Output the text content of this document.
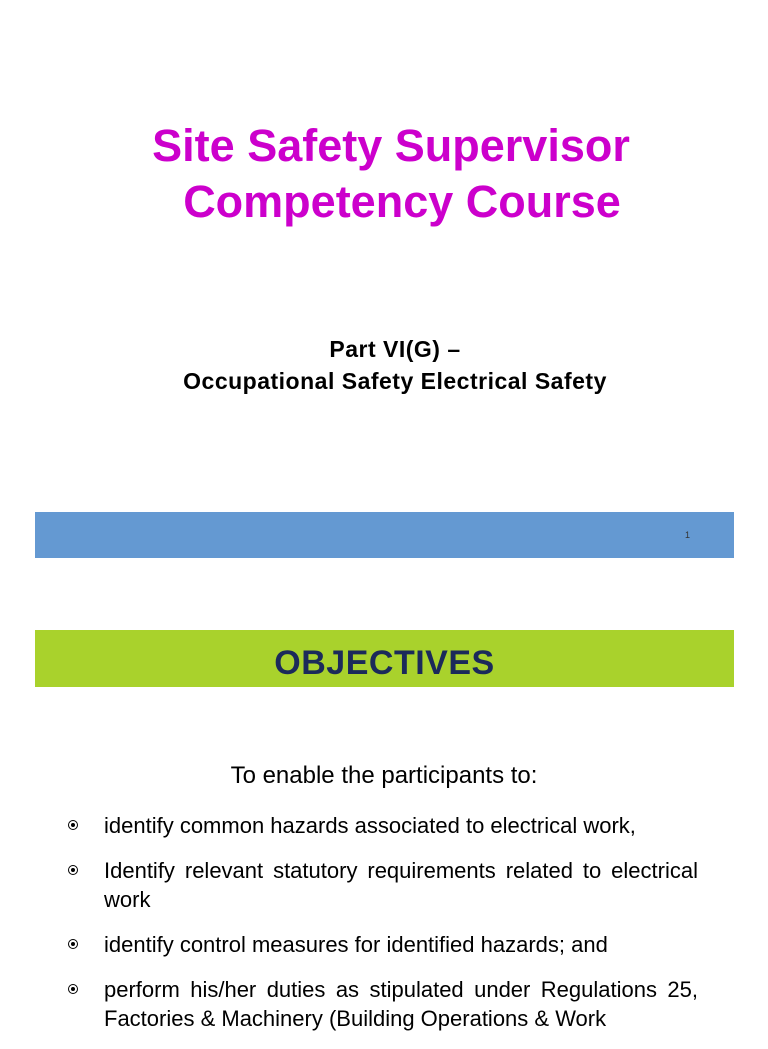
Site Safety Supervisor
Competency Course
Part VI(G) –
Occupational Safety Electrical Safety
1
OBJECTIVES
To enable the participants to:
identify common hazards associated to electrical work,
Identify relevant statutory requirements related to electrical work
identify control measures for identified hazards; and
perform his/her duties as stipulated under Regulations 25, Factories & Machinery (Building Operations & Work
